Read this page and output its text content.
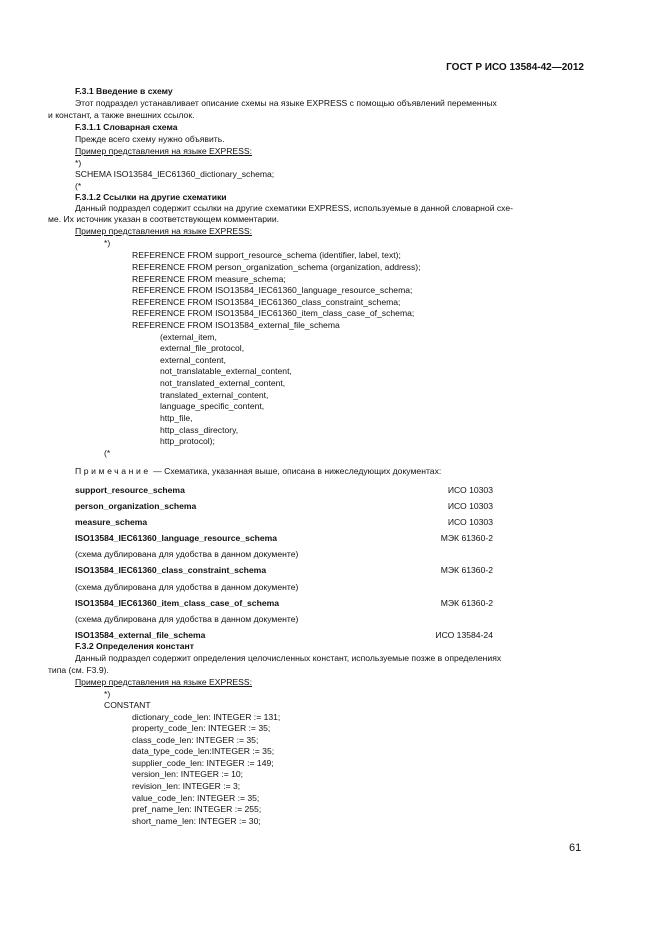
ГОСТ Р ИСО 13584-42—2012
F.3.1 Введение в схему
Этот подраздел устанавливает описание схемы на языке EXPRESS с помощью объявлений переменных
и констант, а также внешних ссылок.
F.3.1.1 Словарная схема
Прежде всего схему нужно объявить.
Пример представления на языке EXPRESS:
*)
SCHEMA ISO13584_IEC61360_dictionary_schema;
(*
F.3.1.2 Ссылки на другие схематики
Данный подраздел содержит ссылки на другие схематики EXPRESS, используемые в данной словарной схе-
ме. Их источник указан в соответствующем комментарии.
Пример представления на языке EXPRESS:
*)
REFERENCE FROM support_resource_schema (identifier, label, text);
REFERENCE FROM person_organization_schema (organization, address);
REFERENCE FROM measure_schema;
REFERENCE FROM ISO13584_IEC61360_language_resource_schema;
REFERENCE FROM ISO13584_IEC61360_class_constraint_schema;
REFERENCE FROM ISO13584_IEC61360_item_class_case_of_schema;
REFERENCE FROM ISO13584_external_file_schema
(external_item,
external_file_protocol,
external_content,
not_translatable_external_content,
not_translated_external_content,
translated_external_content,
language_specific_content,
http_file,
http_class_directory,
http_protocol);
(*
Примечание — Схематика, указанная выше, описана в нижеследующих документах:
support_resource_schema	ИСО 10303
person_organization_schema	ИСО 10303
measure_schema	ИСО 10303
ISO13584_IEC61360_language_resource_schema	МЭК 61360-2
(схема дублирована для удобства в данном документе)
ISO13584_IEC61360_class_constraint_schema	МЭК 61360-2
(схема дублирована для удобства в данном документе)
ISO13584_IEC61360_item_class_case_of_schema	МЭК 61360-2
(схема дублирована для удобства в данном документе)
ISO13584_external_file_schema	ИСО 13584-24
F.3.2 Определения констант
Данный подраздел содержит определения целочисленных констант, используемые позже в определениях
типа (см. F3.9).
Пример представления на языке EXPRESS:
*)
CONSTANT
dictionary_code_len: INTEGER := 131;
property_code_len: INTEGER := 35;
class_code_len: INTEGER := 35;
data_type_code_len:INTEGER := 35;
supplier_code_len: INTEGER := 149;
version_len: INTEGER := 10;
revision_len: INTEGER := 3;
value_code_len: INTEGER := 35;
pref_name_len: INTEGER := 255;
short_name_len: INTEGER := 30;
61
